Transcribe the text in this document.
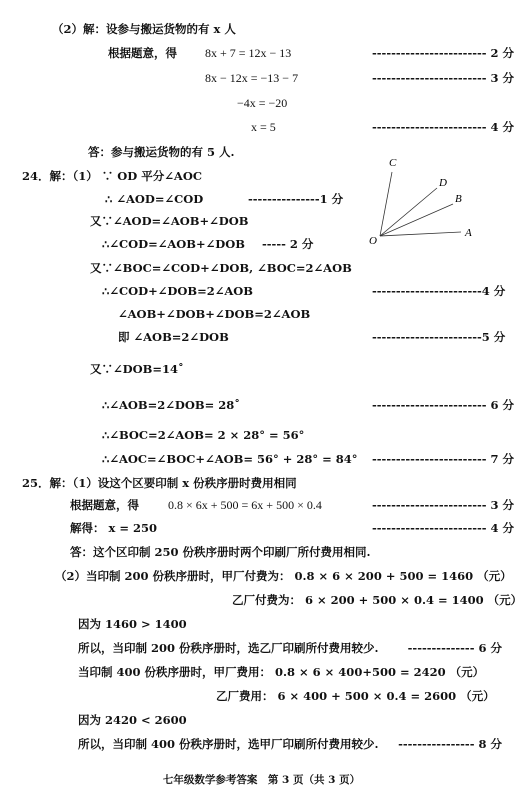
（2）解：设参与搬运货物的有 x 人
根据题意，得 8x + 7 = 12x − 13	------------------------ 2 分
8x − 12x = −13 − 7	------------------------ 3 分
−4x = −20
x = 5	------------------------ 4 分
答：参与搬运货物的有 5 人.
24．解：（1） ∵ OD 平分∠AOC
∴ ∠AOD=∠COD	---------------1 分
又∵∠AOD=∠AOB+∠DOB
∴∠COD=∠AOB+∠DOB ----- 2 分
又∵∠BOC=∠COD+∠DOB, ∠BOC=2∠AOB
∴∠COD+∠DOB=2∠AOB	-----------------------4 分
∠AOB+∠DOB+∠DOB=2∠AOB
即 ∠AOB=2∠DOB	-----------------------5 分
又∵∠DOB=14˚
∴∠AOB=2∠DOB= 28˚	------------------------ 6 分
∴∠BOC=2∠AOB= 2 × 28° = 56°
∴∠AOC=∠BOC+∠AOB= 56° + 28° = 84° ------------------------ 7 分
C
D
B
O
A
25．解：（1）设这个区要印制 x 份秩序册时费用相同
根据题意，得 0.8 × 6x + 500 = 6x + 500 × 0.4	------------------------ 3 分
解得： x = 250	------------------------ 4 分
答：这个区印制 250 份秩序册时两个印刷厂所付费用相同.
（2）当印制 200 份秩序册时，甲厂付费为： 0.8 × 6 × 200 + 500 = 1460 （元）
乙厂付费为： 6 × 200 + 500 × 0.4 = 1400 （元）
因为 1460 > 1400
所以，当印制 200 份秩序册时，选乙厂印刷所付费用较少.	-------------- 6 分
当印制 400 份秩序册时，甲厂费用： 0.8 × 6 × 400+500 = 2420 （元）
乙厂费用： 6 × 400 + 500 × 0.4 = 2600 （元）
因为 2420 < 2600
所以，当印制 400 份秩序册时，选甲厂印刷所付费用较少.	---------------- 8 分
七年级数学参考答案　第 3 页（共 3 页）
